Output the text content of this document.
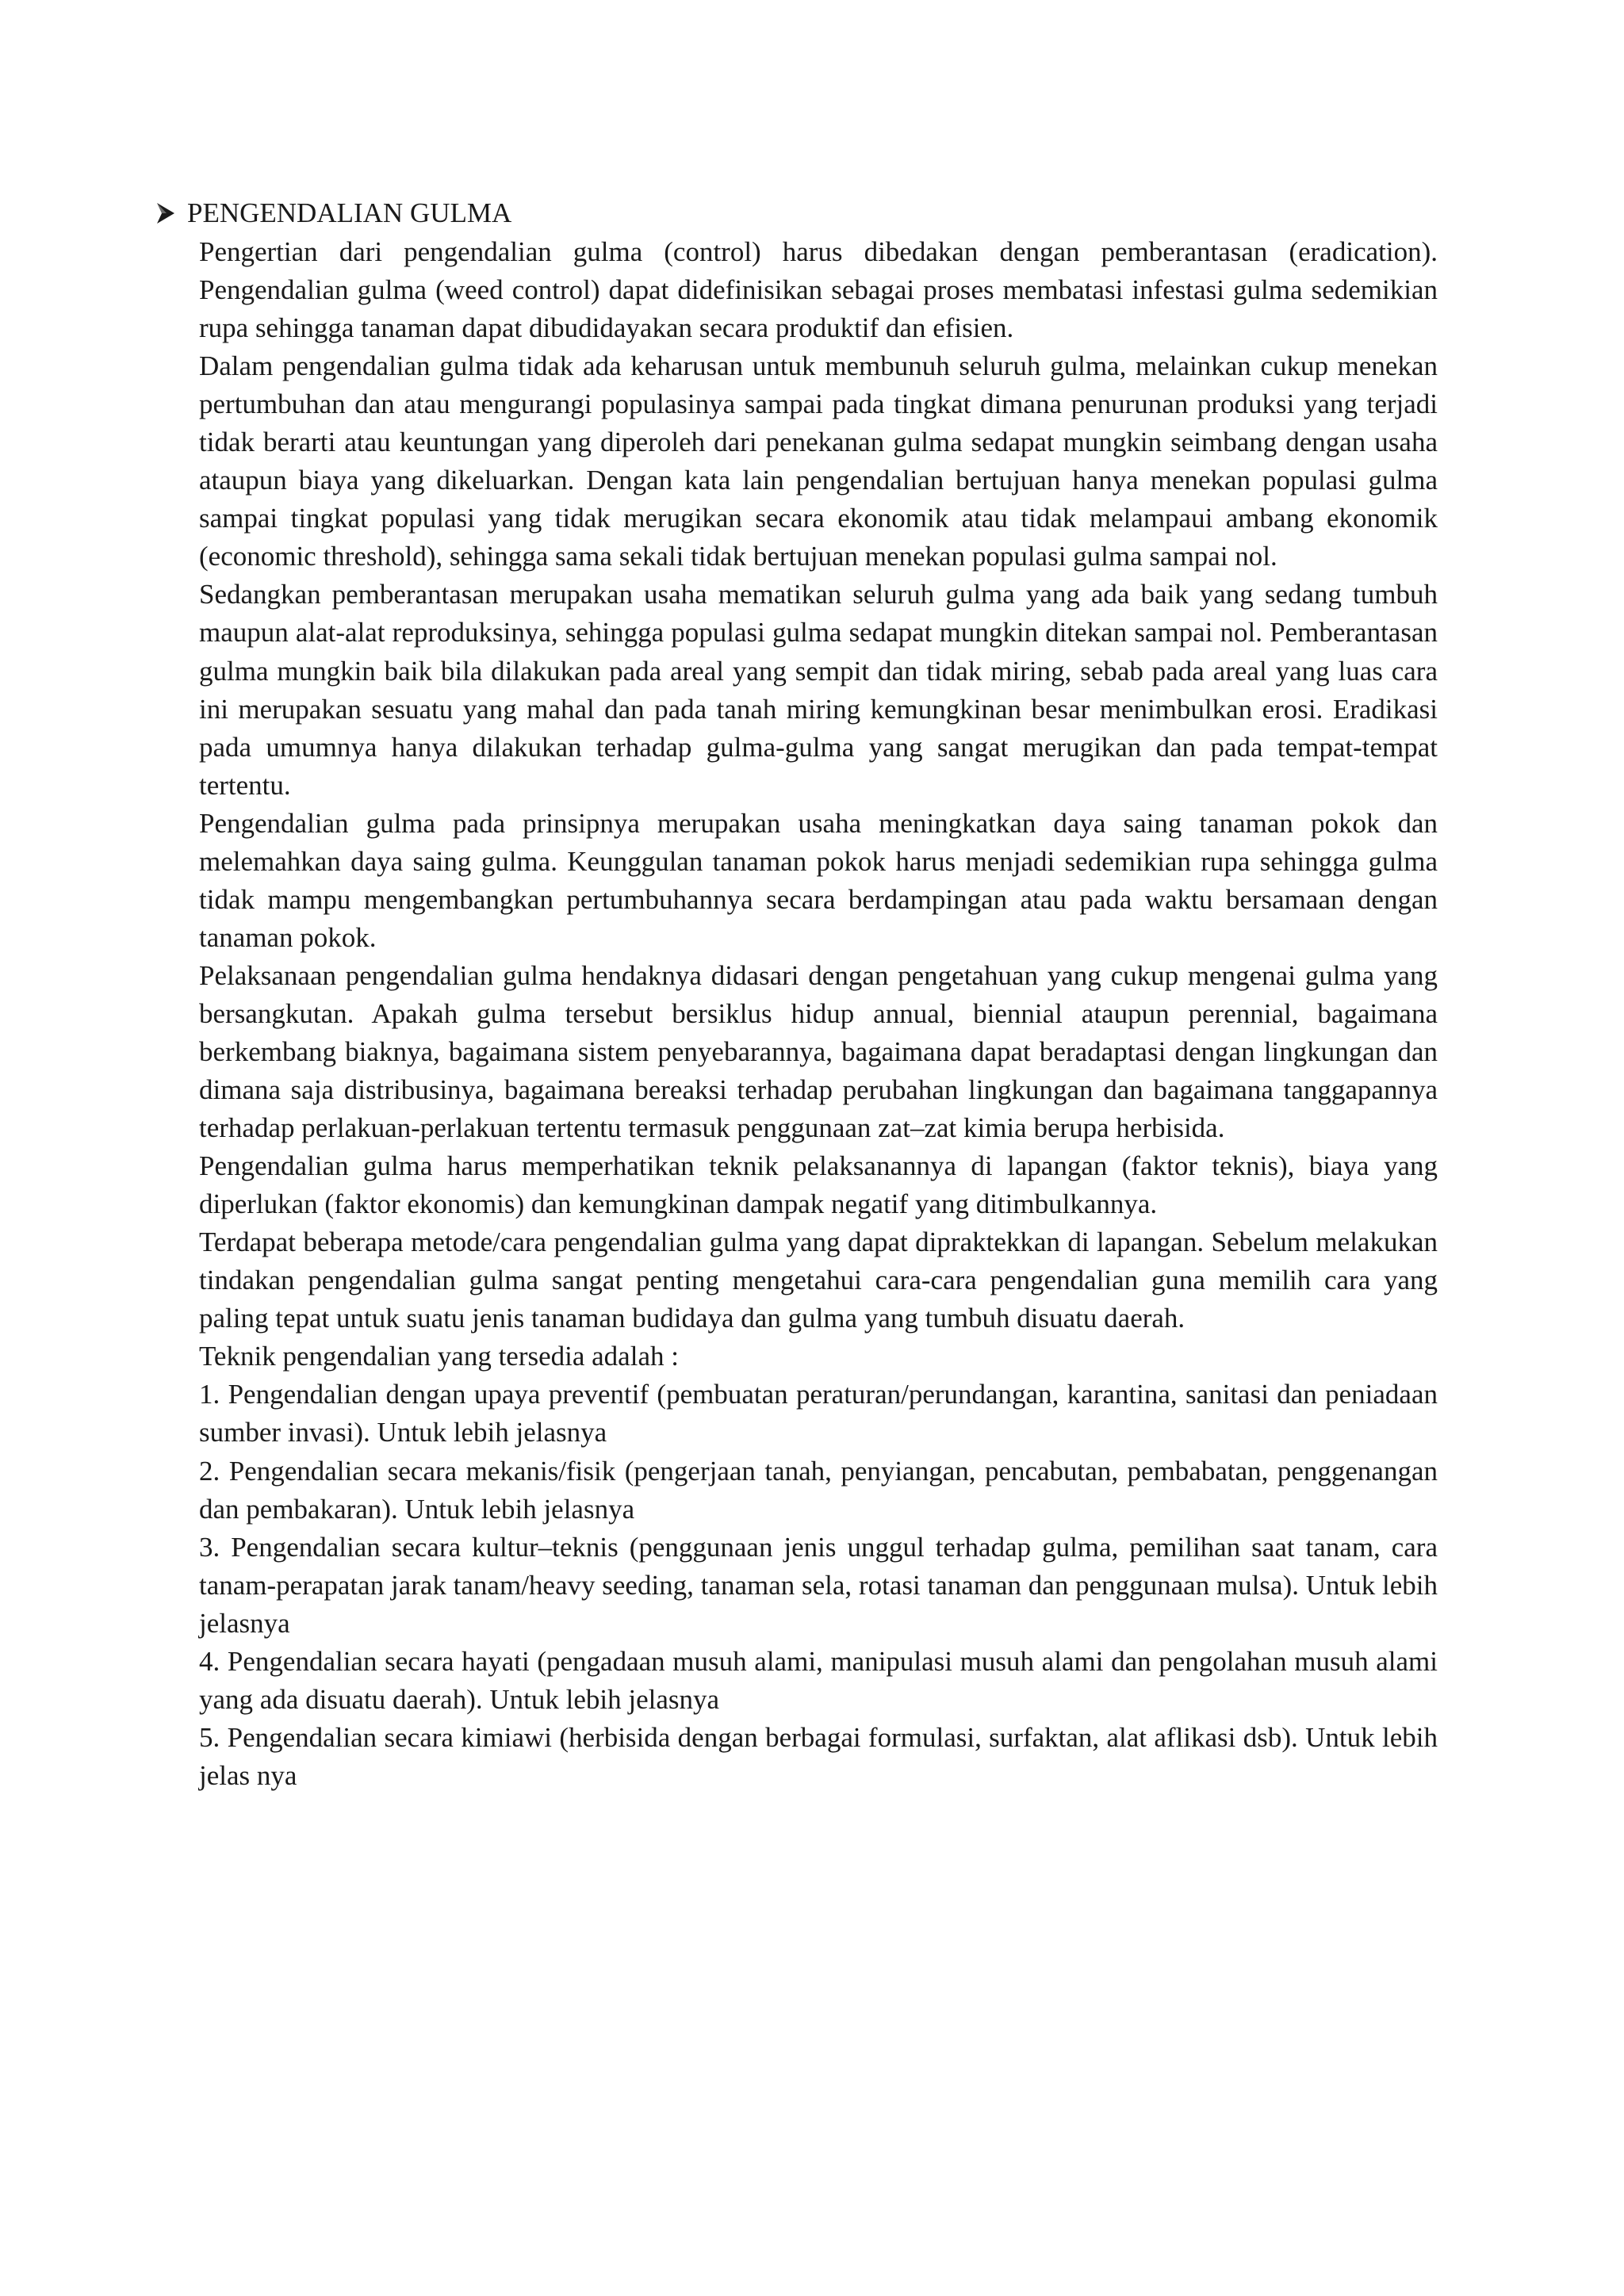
PENGENDALIAN GULMA

Pengertian dari pengendalian gulma (control) harus dibedakan dengan pemberantasan (eradication). Pengendalian gulma (weed control) dapat didefinisikan sebagai proses membatasi infestasi gulma sedemikian rupa sehingga tanaman dapat dibudidayakan secara produktif dan efisien.

Dalam pengendalian gulma tidak ada keharusan untuk membunuh seluruh gulma, melainkan cukup menekan pertumbuhan dan atau mengurangi populasinya sampai pada tingkat dimana penurunan produksi yang terjadi tidak berarti atau keuntungan yang diperoleh dari penekanan gulma sedapat mungkin seimbang dengan usaha ataupun biaya yang dikeluarkan. Dengan kata lain pengendalian bertujuan hanya menekan populasi gulma sampai tingkat populasi yang tidak merugikan secara ekonomik atau tidak melampaui ambang ekonomik (economic threshold), sehingga sama sekali tidak bertujuan menekan populasi gulma sampai nol.

Sedangkan pemberantasan merupakan usaha mematikan seluruh gulma yang ada baik yang sedang tumbuh maupun alat-alat reproduksinya, sehingga populasi gulma sedapat mungkin ditekan sampai nol. Pemberantasan gulma mungkin baik bila dilakukan pada areal yang sempit dan tidak miring, sebab pada areal yang luas cara ini merupakan sesuatu yang mahal dan pada tanah miring kemungkinan besar menimbulkan erosi. Eradikasi pada umumnya hanya dilakukan terhadap gulma-gulma yang sangat merugikan dan pada tempat-tempat tertentu.

Pengendalian gulma pada prinsipnya merupakan usaha meningkatkan daya saing tanaman pokok dan melemahkan daya saing gulma. Keunggulan tanaman pokok harus menjadi sedemikian rupa sehingga gulma tidak mampu mengembangkan pertumbuhannya secara berdampingan atau pada waktu bersamaan dengan tanaman pokok.

Pelaksanaan pengendalian gulma hendaknya didasari dengan pengetahuan yang cukup mengenai gulma yang bersangkutan. Apakah gulma tersebut bersiklus hidup annual, biennial ataupun perennial, bagaimana berkembang biaknya, bagaimana sistem penyebarannya, bagaimana dapat beradaptasi dengan lingkungan dan dimana saja distribusinya, bagaimana bereaksi terhadap perubahan lingkungan dan bagaimana tanggapannya terhadap perlakuan-perlakuan tertentu termasuk penggunaan zat–zat kimia berupa herbisida.

Pengendalian gulma harus memperhatikan teknik pelaksanannya di lapangan (faktor teknis), biaya yang diperlukan (faktor ekonomis) dan kemungkinan dampak negatif yang ditimbulkannya.

Terdapat beberapa metode/cara pengendalian gulma yang dapat dipraktekkan di lapangan. Sebelum melakukan tindakan pengendalian gulma sangat penting mengetahui cara-cara pengendalian guna memilih cara yang paling tepat untuk suatu jenis tanaman budidaya dan gulma yang tumbuh disuatu daerah.

Teknik pengendalian yang tersedia adalah :

1. Pengendalian dengan upaya preventif (pembuatan peraturan/perundangan, karantina, sanitasi dan peniadaan sumber invasi). Untuk lebih jelasnya

2. Pengendalian secara mekanis/fisik (pengerjaan tanah, penyiangan, pencabutan, pembabatan, penggenangan dan pembakaran). Untuk lebih jelasnya

3. Pengendalian secara kultur–teknis (penggunaan jenis unggul terhadap gulma, pemilihan saat tanam, cara tanam-perapatan jarak tanam/heavy seeding, tanaman sela, rotasi tanaman dan penggunaan mulsa). Untuk lebih jelasnya

4. Pengendalian secara hayati (pengadaan musuh alami, manipulasi musuh alami dan pengolahan musuh alami yang ada disuatu daerah). Untuk lebih jelasnya

5. Pengendalian secara kimiawi (herbisida dengan berbagai formulasi, surfaktan, alat aflikasi dsb). Untuk lebih jelas nya
